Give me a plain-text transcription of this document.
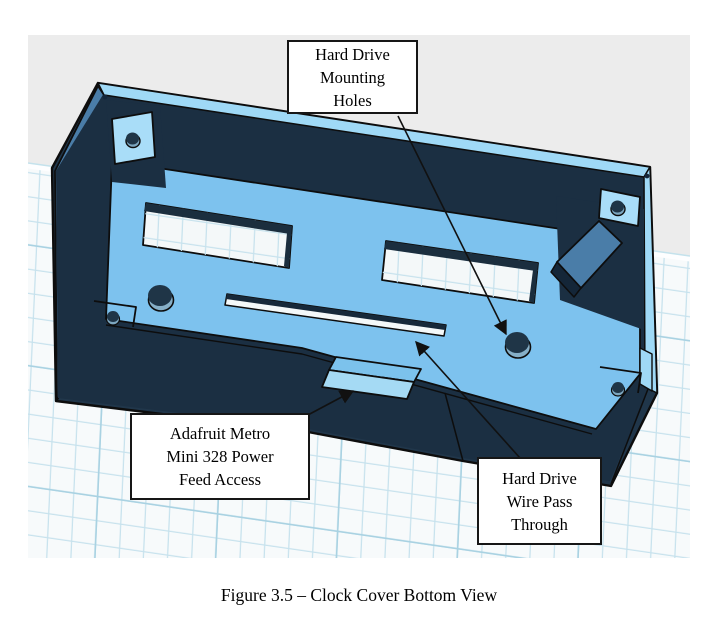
Hard Drive
Mounting
Holes
Adafruit Metro
Mini 328 Power
Feed Access	Hard Drive
Wire Pass
Through
Figure 3.5 – Clock Cover Bottom View
